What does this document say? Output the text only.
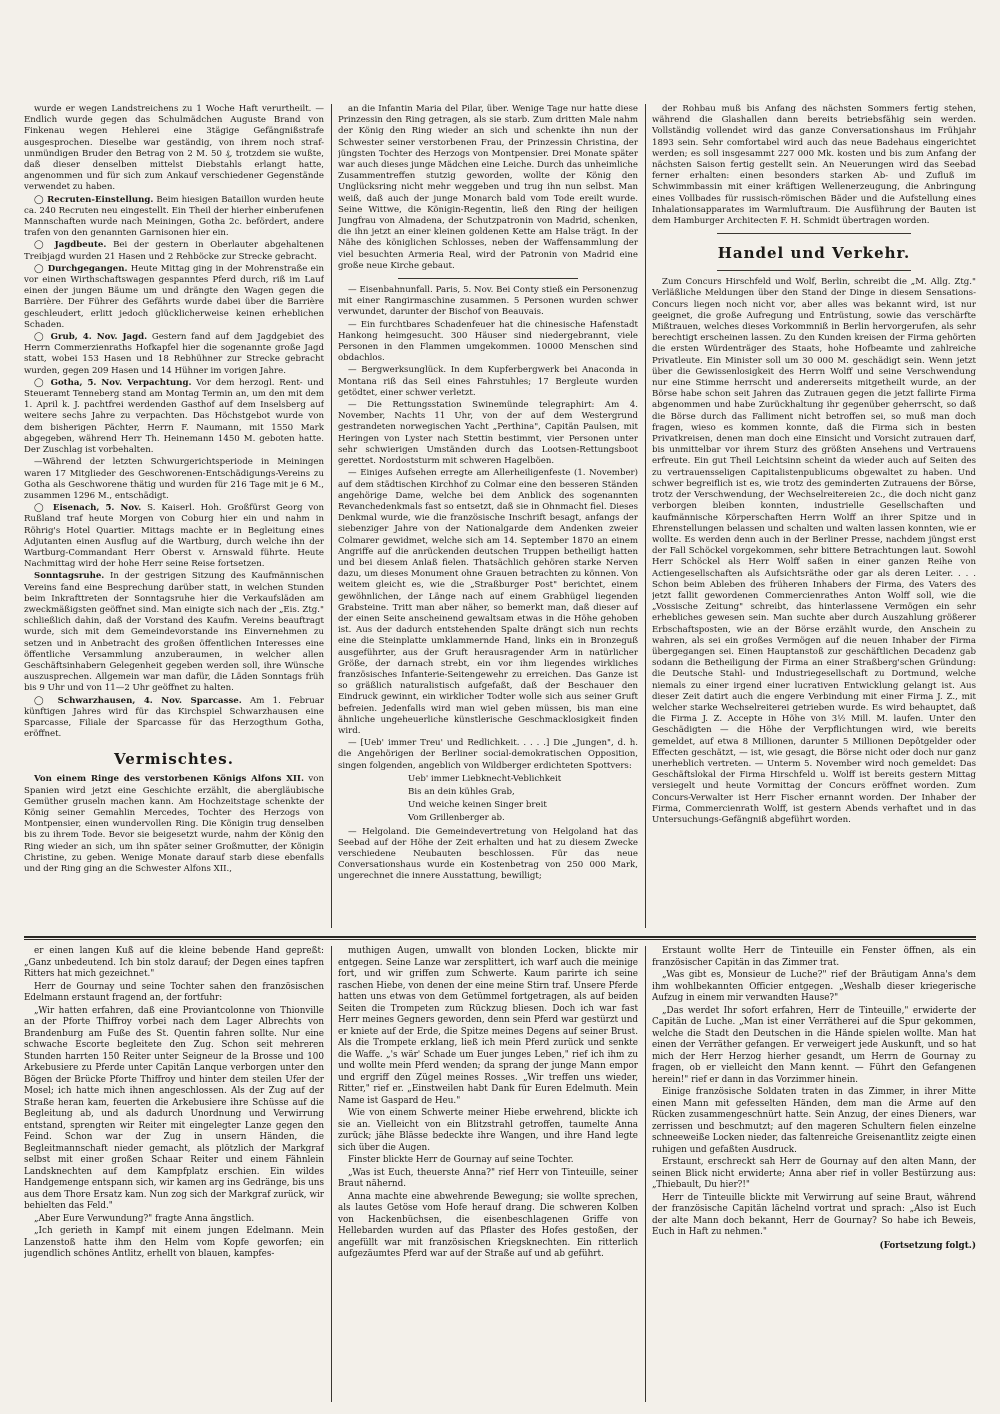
wurde er wegen Landstreichens zu 1 Woche Haft verurtheilt. — Endlich wurde gegen das Schulmädchen Auguste Brand von Finkenau wegen Hehlerei eine 3tägige Gefängnißstrafe ausgesprochen. Dieselbe war geständig, von ihrem noch straf-unmündigen Bruder den Betrag von 2 M. 50 ₰, trotzdem sie wußte, daß dieser denselben mittelst Diebstahls erlangt hatte, angenommen und für sich zum Ankauf verschiedener Gegenstände verwendet zu haben.

◯ Recruten-Einstellung. Beim hiesigen Bataillon wurden heute ca. 240 Recruten neu eingestellt. Ein Theil der hierher einberufenen Mannschaften wurde nach Meiningen, Gotha 2c. befördert, andere trafen von den genannten Garnisonen hier ein.

◯ Jagdbeute. Bei der gestern in Oberlauter abgehaltenen Treibjagd wurden 21 Hasen und 2 Rehböcke zur Strecke gebracht.

◯ Durchgegangen. Heute Mittag ging in der Mohrenstraße ein vor einen Wirthschaftswagen gespanntes Pferd durch, riß im Lauf einen der jungen Bäume um und drängte den Wagen gegen die Barrière. Der Führer des Gefährts wurde dabei über die Barrière geschleudert, erlitt jedoch glücklicherweise keinen erheblichen Schaden.

◯ Grub, 4. Nov. Jagd. Gestern fand auf dem Jagdgebiet des Herrn Commerzienraths Hofkapfel hier die sogenannte große Jagd statt, wobei 153 Hasen und 18 Rebhühner zur Strecke gebracht wurden, gegen 209 Hasen und 14 Hühner im vorigen Jahre.

◯ Gotha, 5. Nov. Verpachtung. Vor dem herzogl. Rent- und Steueramt Tenneberg stand am Montag Termin an, um den mit dem 1. April k. J. pachtfrei werdenden Gasthof auf dem Inselsberg auf weitere sechs Jahre zu verpachten. Das Höchstgebot wurde von dem bisherigen Pächter, Herrn F. Naumann, mit 1550 Mark abgegeben, während Herr Th. Heinemann 1450 M. geboten hatte. Der Zuschlag ist vorbehalten.

—Während der letzten Schwurgerichtsperiode in Meiningen waren 17 Mitglieder des Geschworenen-Entschädigungs-Vereins zu Gotha als Geschworene thätig und wurden für 216 Tage mit je 6 M., zusammen 1296 M., entschädigt.

◯ Eisenach, 5. Nov. S. Kaiserl. Hoh. Großfürst Georg von Rußland traf heute Morgen von Coburg hier ein und nahm in Röhrig's Hotel Quartier. Mittags machte er in Begleitung eines Adjutanten einen Ausflug auf die Wartburg, durch welche ihn der Wartburg-Commandant Herr Oberst v. Arnswald führte. Heute Nachmittag wird der hohe Herr seine Reise fortsetzen.

Sonntagsruhe. In der gestrigen Sitzung des Kaufmännischen Vereins fand eine Besprechung darüber statt, in welchen Stunden beim Inkrafttreten der Sonntagsruhe hier die Verkaufsläden am zweckmäßigsten geöffnet sind. Man einigte sich nach der „Eis. Ztg." schließlich dahin, daß der Vorstand des Kaufm. Vereins beauftragt wurde, sich mit dem Gemeindevorstande ins Einvernehmen zu setzen und in Anbetracht des großen öffentlichen Interesses eine öffentliche Versammlung anzuberaumen, in welcher allen Geschäftsinhabern Gelegenheit gegeben werden soll, ihre Wünsche auszusprechen. Allgemein war man dafür, die Läden Sonntags früh bis 9 Uhr und von 11—2 Uhr geöffnet zu halten.

◯ Schwarzhausen, 4. Nov. Sparcasse. Am 1. Februar künftigen Jahres wird für das Kirchspiel Schwarzhausen eine Sparcasse, Filiale der Sparcasse für das Herzogthum Gotha, eröffnet.

Vermischtes.

Von einem Ringe des verstorbenen Königs Alfons XII. von Spanien wird jetzt eine Geschichte erzählt, die abergläubische Gemüther gruseln machen kann. Am Hochzeitstage schenkte der König seiner Gemahlin Mercedes, Tochter des Herzogs von Montpensier, einen wundervollen Ring. Die Königin trug denselben bis zu ihrem Tode. Bevor sie beigesetzt wurde, nahm der König den Ring wieder an sich, um ihn später seiner Großmutter, der Königin Christine, zu geben. Wenige Monate darauf starb diese ebenfalls und der Ring ging an die Schwester Alfons XII.,

an die Infantin Maria del Pilar, über. Wenige Tage nur hatte diese Prinzessin den Ring getragen, als sie starb. Zum dritten Male nahm der König den Ring wieder an sich und schenkte ihn nun der Schwester seiner verstorbenen Frau, der Prinzessin Christina, der jüngsten Tochter des Herzogs von Montpensier. Drei Monate später war auch dieses junge Mädchen eine Leiche. Durch das unheimliche Zusammentreffen stutzig geworden, wollte der König den Unglücksring nicht mehr weggeben und trug ihn nun selbst. Man weiß, daß auch der junge Monarch bald vom Tode ereilt wurde. Seine Wittwe, die Königin-Regentin, ließ den Ring der heiligen Jungfrau von Almadena, der Schutzpatronin von Madrid, schenken, die ihn jetzt an einer kleinen goldenen Kette am Halse trägt. In der Nähe des königlichen Schlosses, neben der Waffensammlung der viel besuchten Armeria Real, wird der Patronin von Madrid eine große neue Kirche gebaut.

— Eisenbahnunfall. Paris, 5. Nov. Bei Conty stieß ein Personenzug mit einer Rangirmaschine zusammen. 5 Personen wurden schwer verwundet, darunter der Bischof von Beauvais.

— Ein furchtbares Schadenfeuer hat die chinesische Hafenstadt Hankong heimgesucht. 300 Häuser sind niedergebrannt, viele Personen in den Flammen umgekommen. 10000 Menschen sind obdachlos.

— Bergwerksunglück. In dem Kupferbergwerk bei Anaconda in Montana riß das Seil eines Fahrstuhles; 17 Bergleute wurden getödtet, einer schwer verletzt.

— Die Rettungsstation Swinemünde telegraphirt: Am 4. November, Nachts 11 Uhr, von der auf dem Westergrund gestrandeten norwegischen Yacht „Perthina", Capitän Paulsen, mit Heringen von Lyster nach Stettin bestimmt, vier Personen unter sehr schwierigen Umständen durch das Lootsen-Rettungsboot gerettet. Nordoststurm mit schweren Hagelböen.

— Einiges Aufsehen erregte am Allerheiligenfeste (1. November) auf dem städtischen Kirchhof zu Colmar eine den besseren Ständen angehörige Dame, welche bei dem Anblick des sogenannten Revanchedenkmals fast so entsetzt, daß sie in Ohnmacht fiel. Dieses Denkmal wurde, wie die französische Inschrift besagt, anfangs der siebenziger Jahre von der Nationalgarde dem Andenken zweier Colmarer gewidmet, welche sich am 14. September 1870 an einem Angriffe auf die anrückenden deutschen Truppen betheiligt hatten und bei diesem Anlaß fielen. Thatsächlich gehören starke Nerven dazu, um dieses Monument ohne Grauen betrachten zu können. Von weitem gleicht es, wie die „Straßburger Post" berichtet, einem gewöhnlichen, der Länge nach auf einem Grabhügel liegenden Grabsteine. Tritt man aber näher, so bemerkt man, daß dieser auf der einen Seite anscheinend gewaltsam etwas in die Höhe gehoben ist. Aus der dadurch entstehenden Spalte drängt sich nun rechts eine die Steinplatte umklammernde Hand, links ein in Bronzeguß ausgeführter, aus der Gruft herausragender Arm in natürlicher Größe, der darnach strebt, ein vor ihm liegendes wirkliches französisches Infanterie-Seitengewehr zu erreichen. Das Ganze ist so gräßlich naturalistisch aufgefaßt, daß der Beschauer den Eindruck gewinnt, ein wirklicher Todter wolle sich aus seiner Gruft befreien. Jedenfalls wird man wiel geben müssen, bis man eine ähnliche ungeheuerliche künstlerische Geschmacklosigkeit finden wird.

— [Ueb' immer Treu' und Redlichkeit. . . . .] Die „Jungen", d. h. die Angehörigen der Berliner social-demokratischen Opposition, singen folgenden, angeblich von Wildberger erdichteten Spottvers:

Ueb' immer Liebknecht-Veblichkeit

Bis an dein kühles Grab,

Und weiche keinen Singer breit

Vom Grillenberger ab.

— Helgoland. Die Gemeindevertretung von Helgoland hat das Seebad auf der Höhe der Zeit erhalten und hat zu diesem Zwecke verschiedene Neubauten beschlossen. Für das neue Conversationshaus wurde ein Kostenbetrag von 250 000 Mark, ungerechnet die innere Ausstattung, bewilligt;

der Rohbau muß bis Anfang des nächsten Sommers fertig stehen, während die Glashallen dann bereits betriebsfähig sein werden. Vollständig vollendet wird das ganze Conversationshaus im Frühjahr 1893 sein. Sehr comfortabel wird auch das neue Badehaus eingerichtet werden; es soll insgesammt 227 000 Mk. kosten und bis zum Anfang der nächsten Saison fertig gestellt sein. An Neuerungen wird das Seebad ferner erhalten: einen besonders starken Ab- und Zufluß im Schwimmbassin mit einer kräftigen Wellenerzeugung, die Anbringung eines Vollbades für russisch-römischen Bäder und die Aufstellung eines Inhalationsapparates im Warmluftraum. Die Ausführung der Bauten ist dem Hamburger Architecten F. H. Schmidt übertragen worden.

Handel und Verkehr.

Zum Concurs Hirschfeld und Wolf, Berlin, schreibt die „M. Allg. Ztg." Verläßliche Meldungen über den Stand der Dinge in diesem Sensations-Concurs liegen noch nicht vor, aber alles was bekannt wird, ist nur geeignet, die große Aufregung und Entrüstung, sowie das verschärfte Mißtrauen, welches dieses Vorkommniß in Berlin hervorgerufen, als sehr berechtigt erscheinen lassen. Zu den Kunden kreisen der Firma gehörten die ersten Würdenträger des Staats, hohe Hofbeamte und zahlreiche Privatleute. Ein Minister soll um 30 000 M. geschädigt sein. Wenn jetzt über die Gewissenlosigkeit des Herrn Wolff und seine Verschwendung nur eine Stimme herrscht und andererseits mitgetheilt wurde, an der Börse habe schon seit Jahren das Zutrauen gegen die jetzt fallirte Firma abgenommen und habe Zurückhaltung ihr gegenüber geherrscht, so daß die Börse durch das Falliment nicht betroffen sei, so muß man doch fragen, wieso es kommen konnte, daß die Firma sich in besten Privatkreisen, denen man doch eine Einsicht und Vorsicht zutrauen darf, bis unmittelbar vor ihrem Sturz des größten Ansehens und Vertrauens erfreute. Ein gut Theil Leichtsinn scheint da wieder auch auf Seiten des zu vertrauensseligen Capitalistenpublicums obgewaltet zu haben. Und schwer begreiflich ist es, wie trotz des geminderten Zutrauens der Börse, trotz der Verschwendung, der Wechselreitereien 2c., die doch nicht ganz verborgen bleiben konnten, industrielle Gesellschaften und kaufmännische Körperschaften Herrn Wolff an ihrer Spitze und in Ehrenstellungen belassen und schalten und walten lassen konnten, wie er wollte. Es werden denn auch in der Berliner Presse, nachdem jüngst erst der Fall Schöckel vorgekommen, sehr bittere Betrachtungen laut. Sowohl Herr Schöckel als Herr Wolff saßen in einer ganzen Reihe von Actiengesellschaften als Aufsichtsräthe oder gar als deren Leiter. . . . Schon beim Ableben des früheren Inhabers der Firma, des Vaters des jetzt fallit gewordenen Commercienrathes Anton Wolff soll, wie die „Vossische Zeitung" schreibt, das hinterlassene Vermögen ein sehr erhebliches gewesen sein. Man suchte aber durch Auszahlung größerer Erbschaftsposten, wie an der Börse erzählt wurde, den Anschein zu wahren, als sei ein großes Vermögen auf die neuen Inhaber der Firma übergegangen sei. Einen Hauptanstoß zur geschäftlichen Decadenz gab sodann die Betheiligung der Firma an einer Straßberg'schen Gründung: die Deutsche Stahl- und Industriegesellschaft zu Dortmund, welche niemals zu einer irgend einer lucrativen Entwicklung gelangt ist. Aus dieser Zeit datirt auch die engere Verbindung mit einer Firma J. Z., mit welcher starke Wechselreiterei getrieben wurde. Es wird behauptet, daß die Firma J. Z. Accepte in Höhe von 3½ Mill. M. laufen. Unter den Geschädigten — die Höhe der Verpflichtungen wird, wie bereits gemeldet, auf etwa 8 Millionen, darunter 5 Millionen Depôtgelder oder Effecten geschätzt, — ist, wie gesagt, die Börse nicht oder doch nur ganz unerheblich vertreten. — Unterm 5. November wird noch gemeldet: Das Geschäftslokal der Firma Hirschfeld u. Wolff ist bereits gestern Mittag versiegelt und heute Vormittag der Concurs eröffnet worden. Zum Concurs-Verwalter ist Herr Fischer ernannt worden. Der Inhaber der Firma, Commercienrath Wolff, ist gestern Abends verhaftet und in das Untersuchungs-Gefängniß abgeführt worden.

er einen langen Kuß auf die kleine bebende Hand gepreßt: „Ganz unbedeutend. Ich bin stolz darauf; der Degen eines tapfren Ritters hat mich gezeichnet."

Herr de Gournay und seine Tochter sahen den französischen Edelmann erstaunt fragend an, der fortfuhr:

„Wir hatten erfahren, daß eine Proviantcolonne von Thionville an der Pforte Thiffroy vorbei nach dem Lager Albrechts von Brandenburg am Fuße des St. Quentin fahren sollte. Nur eine schwache Escorte begleitete den Zug. Schon seit mehreren Stunden harrten 150 Reiter unter Seigneur de la Brosse und 100 Arkebusiere zu Pferde unter Capitän Lanque verborgen unter den Bögen der Brücke Pforte Thiffroy und hinter dem steilen Ufer der Mosel; ich hatte mich ihnen angeschlossen. Als der Zug auf der Straße heran kam, feuerten die Arkebusiere ihre Schüsse auf die Begleitung ab, und als dadurch Unordnung und Verwirrung entstand, sprengten wir Reiter mit eingelegter Lanze gegen den Feind. Schon war der Zug in unsern Händen, die Begleitmannschaft nieder gemacht, als plötzlich der Markgraf selbst mit einer großen Schaar Reiter und einem Fähnlein Landsknechten auf dem Kampfplatz erschien. Ein wildes Handgemenge entspann sich, wir kamen arg ins Gedränge, bis uns aus dem Thore Ersatz kam. Nun zog sich der Markgraf zurück, wir behielten das Feld."

„Aber Eure Verwundung?" fragte Anna ängstlich.

„Ich gerieth in Kampf mit einem jungen Edelmann. Mein Lanzenstoß hatte ihm den Helm vom Kopfe geworfen; ein jugendlich schönes Antlitz, erhellt von blauen, kampfes-

muthigen Augen, umwallt von blonden Locken, blickte mir entgegen. Seine Lanze war zersplittert, ich warf auch die meinige fort, und wir griffen zum Schwerte. Kaum parirte ich seine raschen Hiebe, von denen der eine meine Stirn traf. Unsere Pferde hatten uns etwas von dem Getümmel fortgetragen, als auf beiden Seiten die Trompeten zum Rückzug bliesen. Doch ich war fast Herr meines Gegners geworden, denn sein Pferd war gestürzt und er kniete auf der Erde, die Spitze meines Degens auf seiner Brust. Als die Trompete erklang, ließ ich mein Pferd zurück und senkte die Waffe. „'s wär' Schade um Euer junges Leben," rief ich ihm zu und wollte mein Pferd wenden; da sprang der junge Mann empor und ergriff den Zügel meines Rosses. „Wir treffen uns wieder, Ritter," rief er. „Einstweilen habt Dank für Euren Edelmuth. Mein Name ist Gaspard de Heu."

Wie von einem Schwerte meiner Hiebe erwehrend, blickte ich sie an. Vielleicht von ein Blitzstrahl getroffen, taumelte Anna zurück; jähe Blässe bedeckte ihre Wangen, und ihre Hand legte sich über die Augen.

Finster blickte Herr de Gournay auf seine Tochter.

„Was ist Euch, theuerste Anna?" rief Herr von Tinteuille, seiner Braut nähernd.

Anna machte eine abwehrende Bewegung; sie wollte sprechen, als lautes Getöse vom Hofe herauf drang. Die schweren Kolben von Hackenbüchsen, die eisenbeschlagenen Griffe von Hellebarden wurden auf das Pflaster des Hofes gestoßen, der angefüllt war mit französischen Kriegsknechten. Ein ritterlich aufgezäumtes Pferd war auf der Straße auf und ab geführt.

Erstaunt wollte Herr de Tinteuille ein Fenster öffnen, als ein französischer Capitän in das Zimmer trat.

„Was gibt es, Monsieur de Luche?" rief der Bräutigam Anna's dem ihm wohlbekannten Officier entgegen. „Weshalb dieser kriegerische Aufzug in einem mir verwandten Hause?"

„Das werdet Ihr sofort erfahren, Herr de Tinteuille," erwiderte der Capitän de Luche. „Man ist einer Verrätherei auf die Spur gekommen, welche die Stadt den Deutschen in die Hände spielen wollte. Man hat einen der Verräther gefangen. Er verweigert jede Auskunft, und so hat mich der Herr Herzog hierher gesandt, um Herrn de Gournay zu fragen, ob er vielleicht den Mann kennt. — Führt den Gefangenen herein!" rief er dann in das Vorzimmer hinein.

Einige französische Soldaten traten in das Zimmer, in ihrer Mitte einen Mann mit gefesselten Händen, dem man die Arme auf den Rücken zusammengeschnürt hatte. Sein Anzug, der eines Dieners, war zerrissen und beschmutzt; auf den mageren Schultern fielen einzelne schneeweiße Locken nieder, das faltenreiche Greisenantlitz zeigte einen ruhigen und gefaßten Ausdruck.

Erstaunt, erschreckt sah Herr de Gournay auf den alten Mann, der seinen Blick nicht erwiderte; Anna aber rief in voller Bestürzung aus: „Thiebault, Du hier?!"

Herr de Tinteuille blickte mit Verwirrung auf seine Braut, während der französische Capitän lächelnd vortrat und sprach: „Also ist Euch der alte Mann doch bekannt, Herr de Gournay? So habe ich Beweis, Euch in Haft zu nehmen."

(Fortsetzung folgt.)
